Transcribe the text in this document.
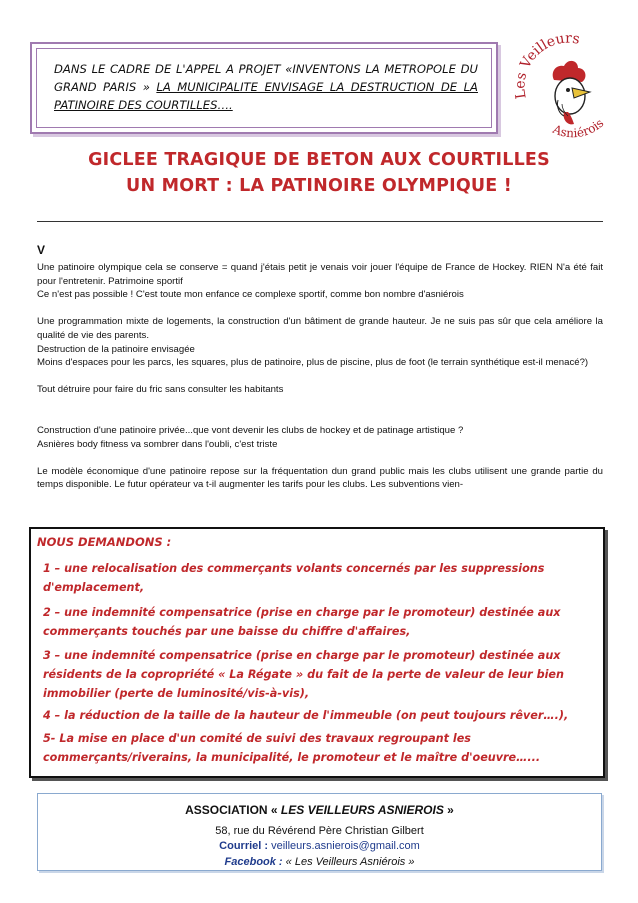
DANS LE CADRE DE L'APPEL A PROJET «INVENTONS LA METROPOLE DU GRAND PARIS » LA MUNICIPALITE ENVISAGE LA DESTRUCTION DE LA PATINOIRE DES COURTILLES….
Les Veilleurs
Asniérois
GICLEE TRAGIQUE DE BETON AUX COURTILLES
UN MORT : LA PATINOIRE OLYMPIQUE !

V

Une patinoire olympique cela se conserve = quand j'étais petit je venais voir jouer l'équipe de France de Hockey. RIEN N'a été fait pour l'entretenir. Patrimoine sportif

Ce n'est pas possible ! C'est toute mon enfance ce complexe sportif, comme bon nombre d'asniérois

Une programmation mixte de logements, la construction d'un bâtiment de grande hauteur. Je ne suis pas sûr que cela améliore la qualité de vie des parents.

Destruction de la patinoire envisagée

Moins d'espaces pour les parcs, les squares, plus de patinoire, plus de piscine, plus de foot (le terrain synthétique est-il menacé?)

Tout détruire pour faire du fric sans consulter les habitants

Construction d'une patinoire privée...que vont devenir les clubs de hockey et de patinage artistique ?

Asnières body fitness va sombrer dans l'oubli, c'est triste

Le modèle économique d'une patinoire repose sur la fréquentation dun grand public mais les clubs utilisent une grande partie du temps disponible. Le futur opérateur va t-il augmenter les tarifs pour les clubs. Les subventions vien-

NOUS DEMANDONS :
1 – une relocalisation des commerçants volants concernés par les suppressions d'emplacement,
2 – une indemnité compensatrice (prise en charge par le promoteur) destinée aux commerçants touchés par une baisse du chiffre d'affaires,
3 – une indemnité compensatrice (prise en charge par le promoteur) destinée aux résidents de la copropriété « La Régate » du fait de la perte de valeur de leur bien immobilier (perte de luminosité/vis-à-vis),
4 – la réduction de la taille de la hauteur de l'immeuble (on peut toujours rêver….),
5- La mise en place d'un comité de suivi des travaux regroupant les commerçants/riverains, la municipalité, le promoteur et le maître d'oeuvre…...
ASSOCIATION « LES VEILLEURS ASNIEROIS »
58, rue du Révérend Père Christian Gilbert
Courriel : veilleurs.asnierois@gmail.com
Facebook : « Les Veilleurs Asniérois »
